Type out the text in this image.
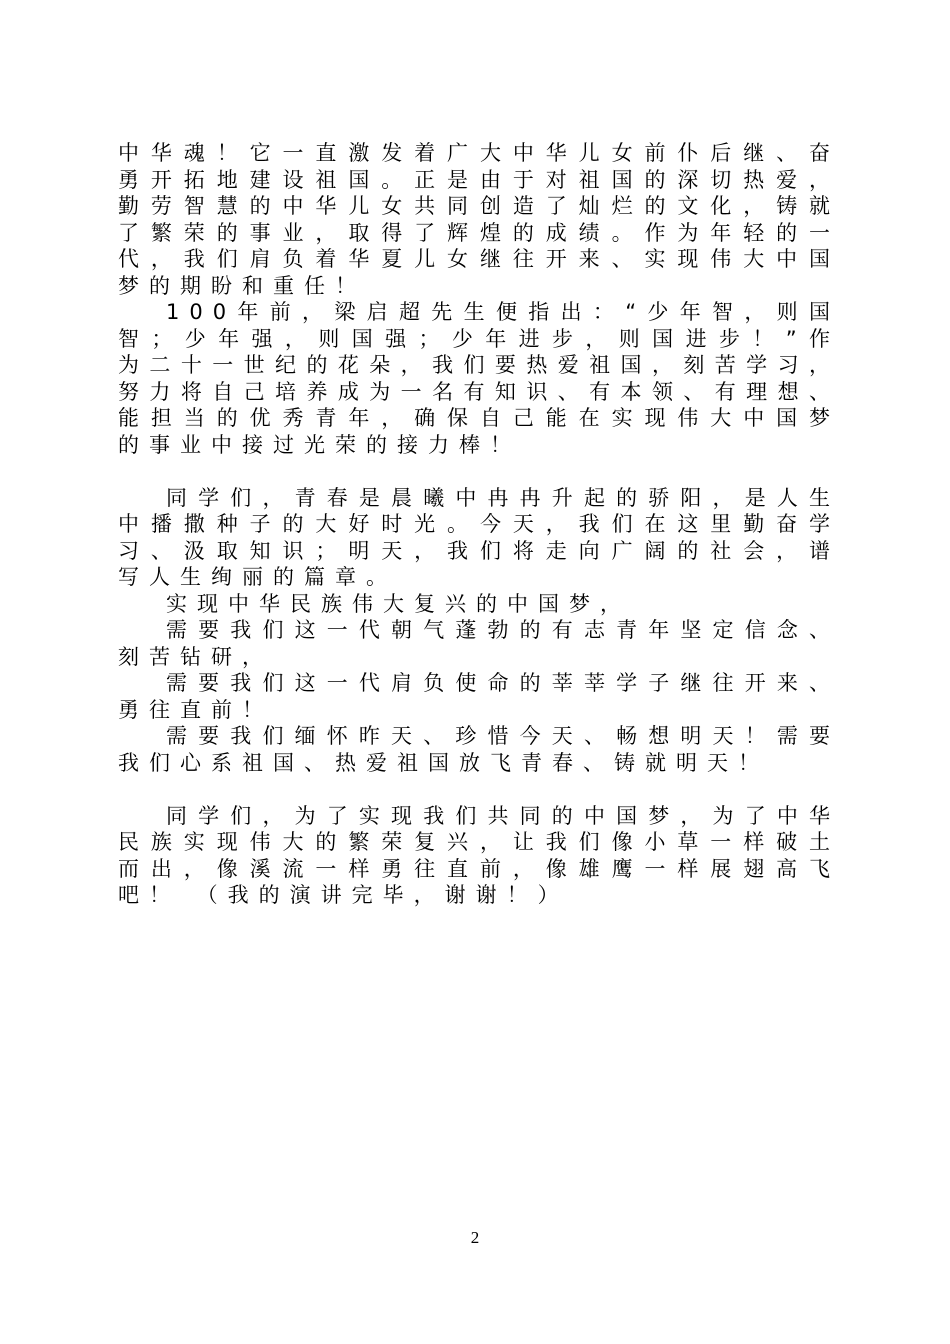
中华魂！它一直激发着广大中华儿女前仆后继、奋
勇开拓地建设祖国。正是由于对祖国的深切热爱，
勤劳智慧的中华儿女共同创造了灿烂的文化，铸就
了繁荣的事业，取得了辉煌的成绩。作为年轻的一
代，我们肩负着华夏儿女继往开来、实现伟大中国
梦的期盼和重任！
100年前，梁启超先生便指出：“少年智，则国
智；少年强，则国强；少年进步，则国进步！”作
为二十一世纪的花朵，我们要热爱祖国，刻苦学习，
努力将自己培养成为一名有知识、有本领、有理想、
能担当的优秀青年，确保自己能在实现伟大中国梦
的事业中接过光荣的接力棒！
同学们，青春是晨曦中冉冉升起的骄阳，是人生
中播撒种子的大好时光。今天，我们在这里勤奋学
习、汲取知识；明天，我们将走向广阔的社会，谱
写人生绚丽的篇章。
实现中华民族伟大复兴的中国梦，
需要我们这一代朝气蓬勃的有志青年坚定信念、
刻苦钻研，
需要我们这一代肩负使命的莘莘学子继往开来、
勇往直前！
需要我们缅怀昨天、珍惜今天、畅想明天！需要
我们心系祖国、热爱祖国放飞青春、铸就明天！
同学们，为了实现我们共同的中国梦，为了中华
民族实现伟大的繁荣复兴，让我们像小草一样破土
而出，像溪流一样勇往直前，像雄鹰一样展翅高飞
吧！ （我的演讲完毕，谢谢！）
2
